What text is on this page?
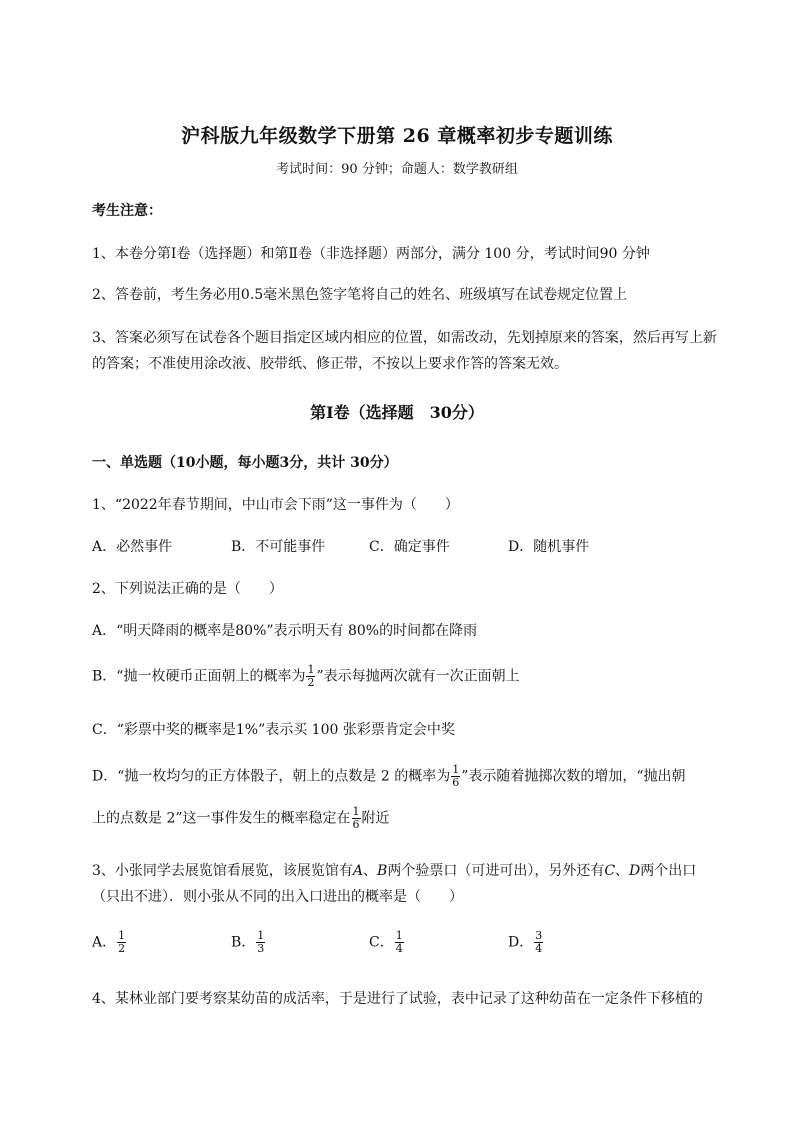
沪科版九年级数学下册第 26 章概率初步专题训练
考试时间：90 分钟；命题人：数学教研组
考生注意：
1、本卷分第Ⅰ卷（选择题）和第Ⅱ卷（非选择题）两部分，满分 100 分，考试时间90 分钟
2、答卷前，考生务必用0.5毫米黑色签字笔将自己的姓名、班级填写在试卷规定位置上
3、答案必须写在试卷各个题目指定区域内相应的位置，如需改动，先划掉原来的答案，然后再写上新
的答案；不准使用涂改液、胶带纸、修正带，不按以上要求作答的答案无效。
第Ⅰ卷（选择题　30分）
一、单选题（10小题，每小题3分，共计 30分）
1、“2022年春节期间，中山市会下雨”这一事件为（　　）
A．必然事件	B．不可能事件	C．确定事件	D．随机事件
2、下列说法正确的是（　　）
A．“明天降雨的概率是80%”表示明天有 80%的时间都在降雨
B．“抛一枚硬币正面朝上的概率为 $\frac{1}{2}$ ”表示每抛两次就有一次正面朝上
C．“彩票中奖的概率是1%”表示买 100 张彩票肯定会中奖
D．“抛一枚均匀的正方体骰子，朝上的点数是 2 的概率为 $\frac{1}{6}$ ”表示随着抛掷次数的增加，“抛出朝
上的点数是 2”这一事件发生的概率稳定在 $\frac{1}{6}$ 附近
3、小张同学去展览馆看展览，该展览馆有A、B两个验票口（可进可出），另外还有C、D两个出口
（只出不进）．则小张从不同的出入口进出的概率是（　　）
A． $\frac{1}{2}$	B． $\frac{1}{3}$	C． $\frac{1}{4}$	D． $\frac{3}{4}$
4、某林业部门要考察某幼苗的成活率，于是进行了试验，表中记录了这种幼苗在一定条件下移植的
